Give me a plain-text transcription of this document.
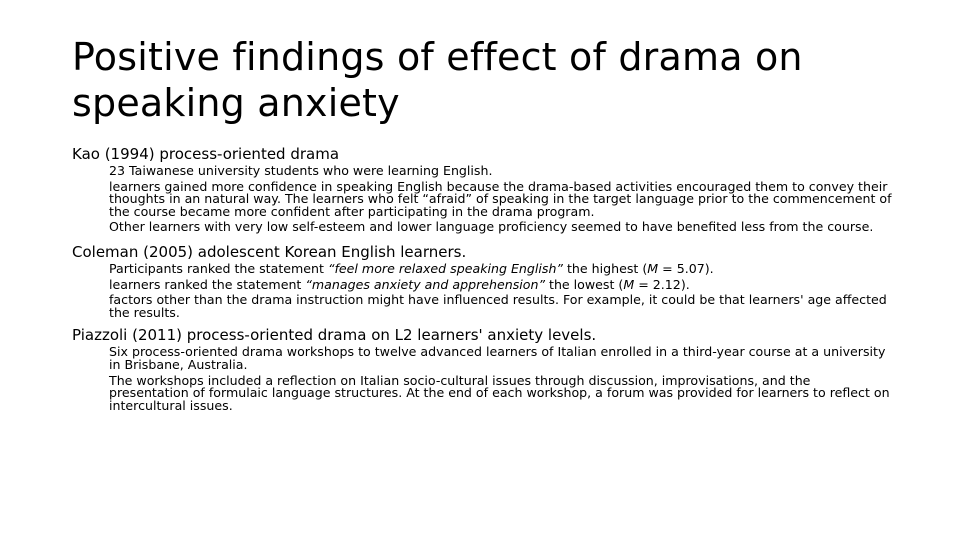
Positive findings of effect of drama on speaking anxiety
Kao (1994) process-oriented drama
23 Taiwanese university students who were learning English.
learners gained more confidence in speaking English because the drama-based activities encouraged them to convey their thoughts in an natural way. The learners who felt “afraid” of speaking in the target language prior to the commencement of the course became more confident after participating in the drama program.
Other learners with very low self-esteem and lower language proficiency seemed to have benefited less from the course.
Coleman (2005) adolescent Korean English learners.
Participants ranked the statement “feel more relaxed speaking English” the highest (M = 5.07).
learners ranked the statement “manages anxiety and apprehension” the lowest (M = 2.12).
factors other than the drama instruction might have influenced results. For example, it could be that learners' age affected the results.
Piazzoli (2011) process-oriented drama on L2 learners' anxiety levels.
Six process-oriented drama workshops to twelve advanced learners of Italian enrolled in a third-year course at a university in Brisbane, Australia.
The workshops included a reflection on Italian socio-cultural issues through discussion, improvisations, and the presentation of formulaic language structures. At the end of each workshop, a forum was provided for learners to reflect on intercultural issues.
